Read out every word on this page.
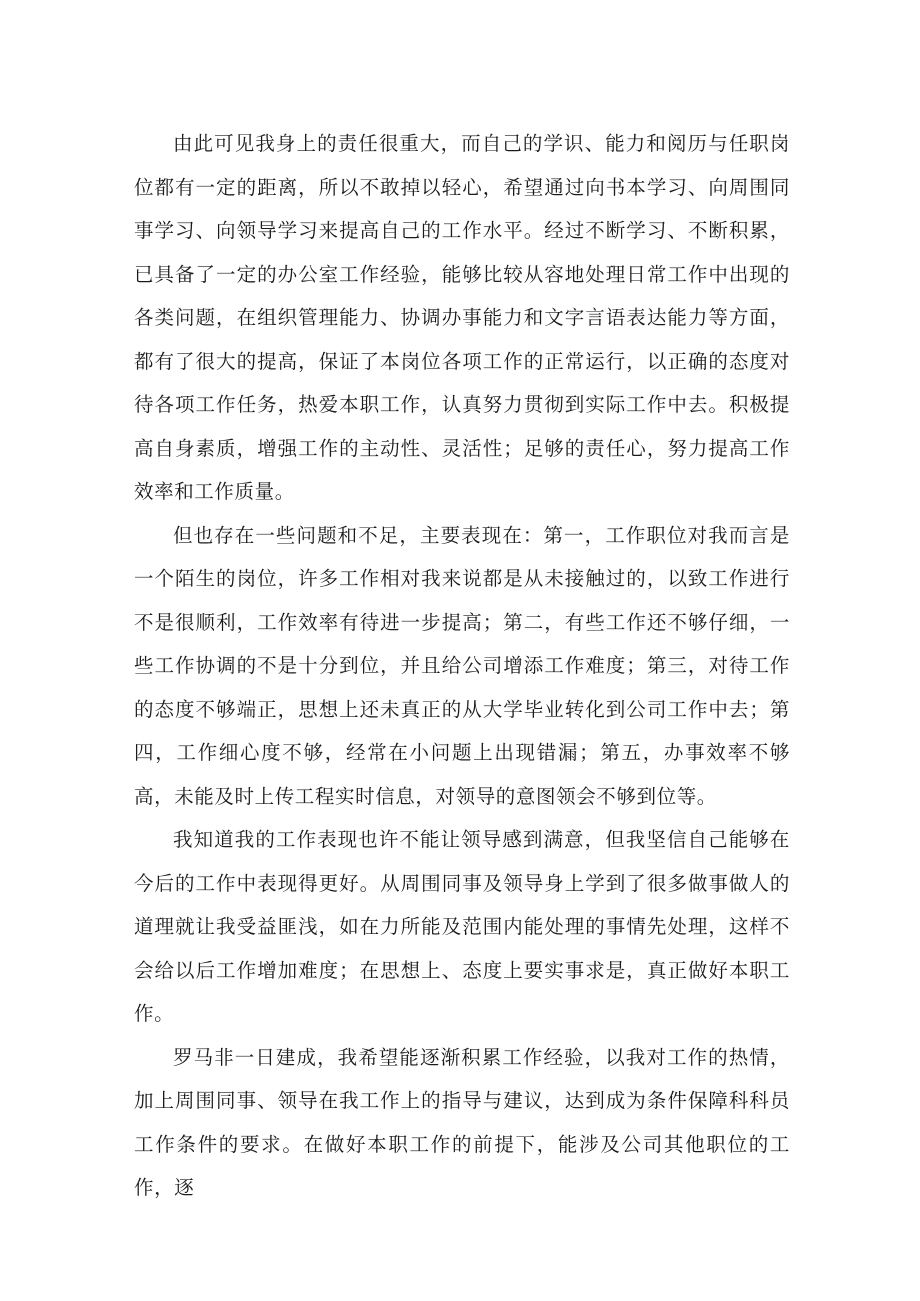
由此可见我身上的责任很重大，而自己的学识、能力和阅历与任职岗位都有一定的距离，所以不敢掉以轻心，希望通过向书本学习、向周围同事学习、向领导学习来提高自己的工作水平。经过不断学习、不断积累，已具备了一定的办公室工作经验，能够比较从容地处理日常工作中出现的各类问题，在组织管理能力、协调办事能力和文字言语表达能力等方面，都有了很大的提高，保证了本岗位各项工作的正常运行，以正确的态度对待各项工作任务，热爱本职工作，认真努力贯彻到实际工作中去。积极提高自身素质，增强工作的主动性、灵活性；足够的责任心，努力提高工作效率和工作质量。

但也存在一些问题和不足，主要表现在：第一，工作职位对我而言是一个陌生的岗位，许多工作相对我来说都是从未接触过的，以致工作进行不是很顺利，工作效率有待进一步提高；第二，有些工作还不够仔细，一些工作协调的不是十分到位，并且给公司增添工作难度；第三，对待工作的态度不够端正，思想上还未真正的从大学毕业转化到公司工作中去；第四，工作细心度不够，经常在小问题上出现错漏；第五，办事效率不够高，未能及时上传工程实时信息，对领导的意图领会不够到位等。

我知道我的工作表现也许不能让领导感到满意，但我坚信自己能够在今后的工作中表现得更好。从周围同事及领导身上学到了很多做事做人的道理就让我受益匪浅，如在力所能及范围内能处理的事情先处理，这样不会给以后工作增加难度；在思想上、态度上要实事求是，真正做好本职工作。

罗马非一日建成，我希望能逐渐积累工作经验，以我对工作的热情，加上周围同事、领导在我工作上的指导与建议，达到成为条件保障科科员工作条件的要求。在做好本职工作的前提下，能涉及公司其他职位的工作，逐
